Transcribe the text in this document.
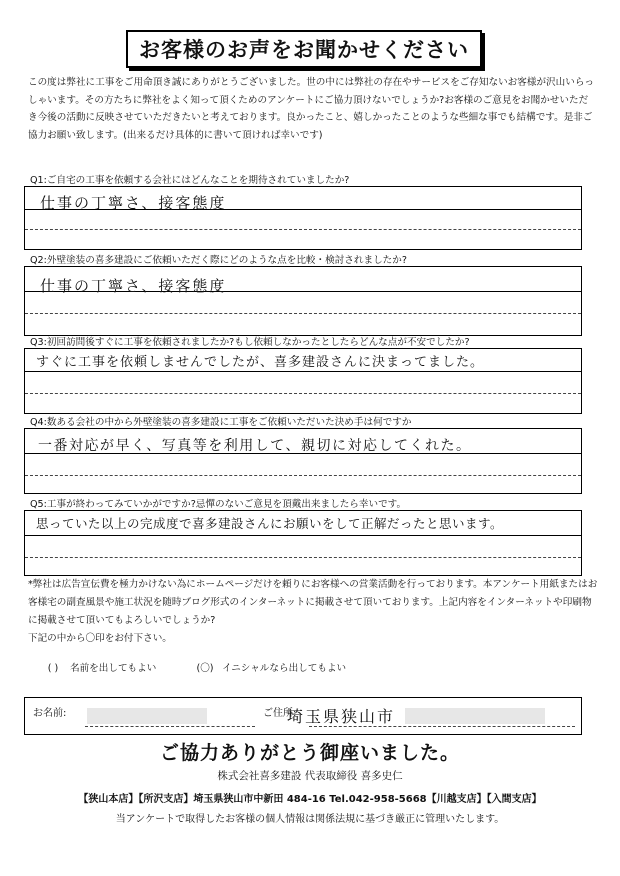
お客様のお声をお聞かせください
この度は弊社に工事をご用命頂き誠にありがとうございました。世の中には弊社の存在やサービスをご存知ないお客様が沢山いらっしゃいます。その方たちに弊社をよく知って頂くためのアンケートにご協力頂けないでしょうか?お客様のご意見をお聞かせいただき今後の活動に反映させていただきたいと考えております。良かったこと、嬉しかったことのような些細な事でも結構です。是非ご協力お願い致します。(出来るだけ具体的に書いて頂ければ幸いです)
Q1:ご自宅の工事を依頼する会社にはどんなことを期待されていましたか?
仕事の丁寧さ、接客態度
Q2:外壁塗装の喜多建設にご依頼いただく際にどのような点を比較・検討されましたか?
仕事の丁寧さ、接客態度
Q3:初回訪問後すぐに工事を依頼されましたか?もし依頼しなかったとしたらどんな点が不安でしたか?
すぐに工事を依頼しませんでしたが、喜多建設さんに決まってました。
Q4:数ある会社の中から外壁塗装の喜多建設に工事をご依頼いただいた決め手は何ですか
一番対応が早く、写真等を利用して、親切に対応してくれた。
Q5:工事が終わってみていかがですか?忌憚のないご意見を頂戴出来ましたら幸いです。
思っていた以上の完成度で喜多建設さんにお願いをして正解だったと思います。
*弊社は広告宣伝費を極力かけない為にホームページだけを頼りにお客様への営業活動を行っております。本アンケート用紙またはお客様宅の副査風景や施工状況を随時ブログ形式のインターネットに掲載させて頂いております。上記内容をインターネットや印刷物に掲載させて頂いてもよろしいでしょうか?
下記の中から〇印をお付下さい。
( ) 名前を出してもよい	(〇) イニシャルなら出してもよい
お名前:	ご住所:
埼玉県狭山市
ご協力ありがとう御座いました。
株式会社喜多建設 代表取締役 喜多史仁
【狭山本店】【所沢支店】埼玉県狭山市中新田 484-16 Tel.042-958-5668【川越支店】【入間支店】
当アンケートで取得したお客様の個人情報は関係法規に基づき厳正に管理いたします。
